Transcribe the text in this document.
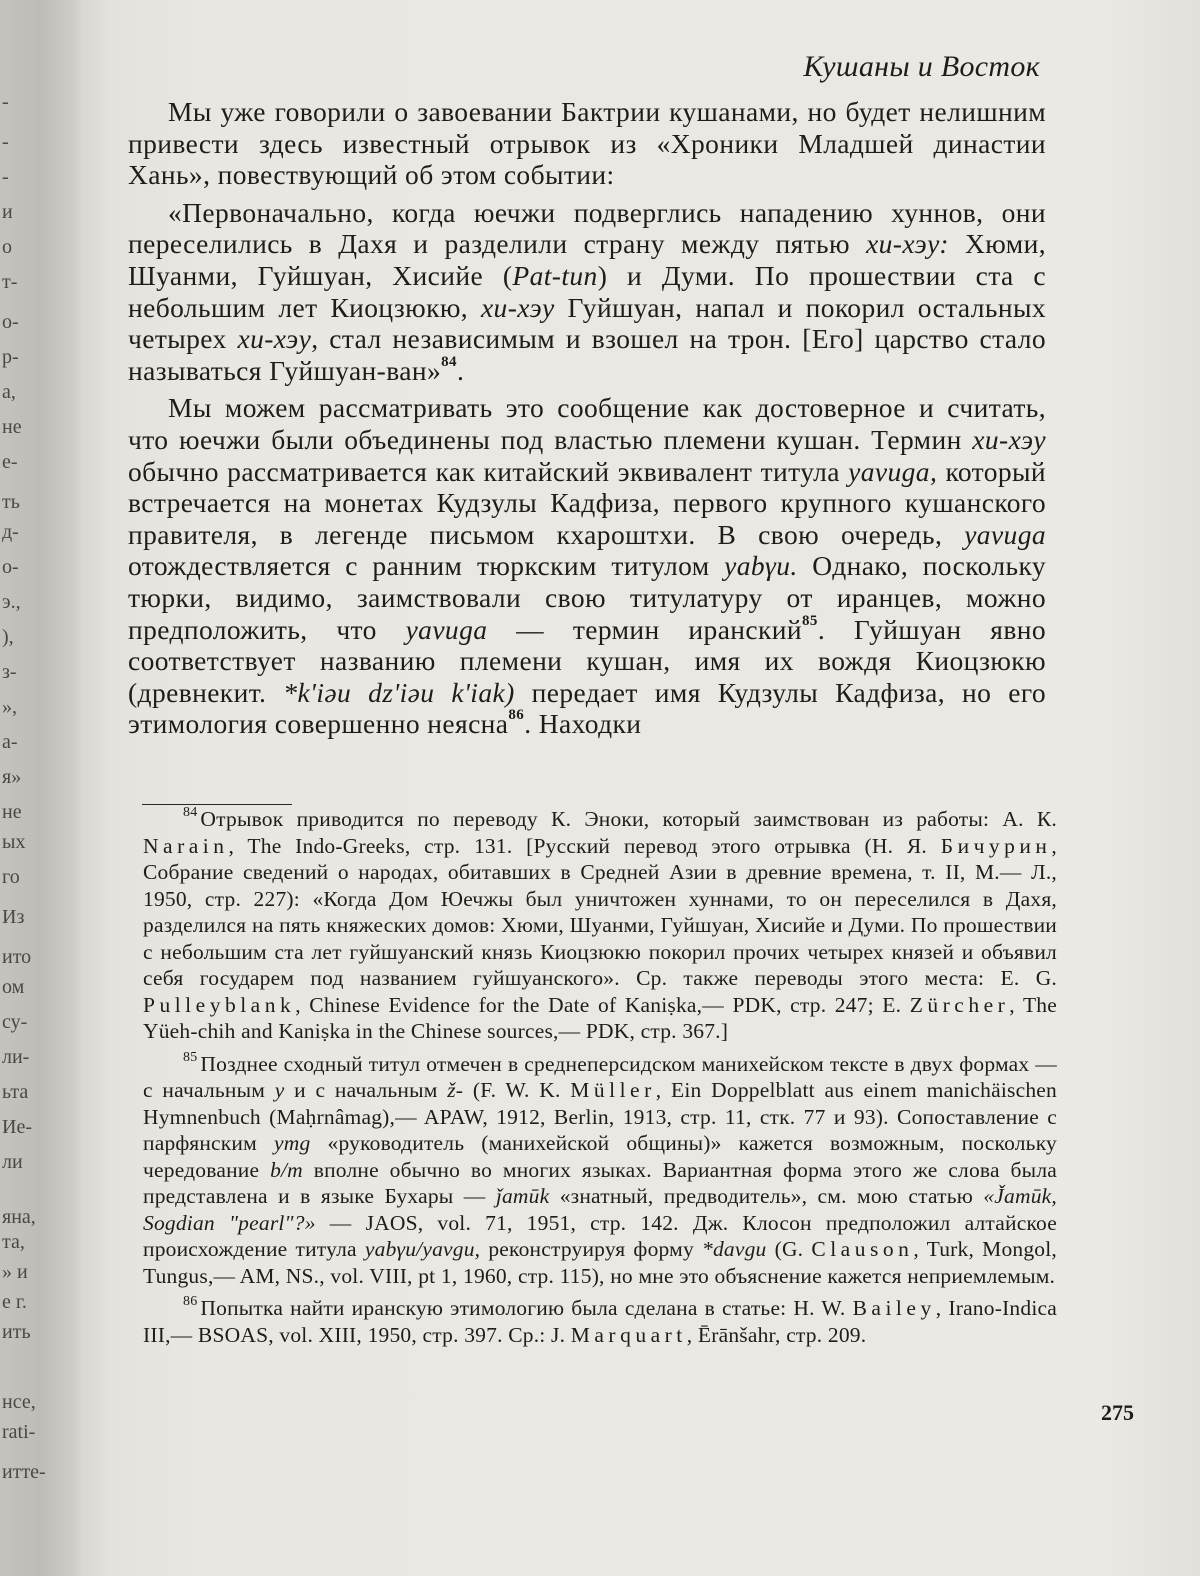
-
-
-
и
о
т-
о-
р-
а,
не
е-
ть
д-
о-
э.,
),
з-
»,
а-
я»
не
ых
го
Из
ито
ом
су-
ли-
ьта
Ие-
ли
яна,
та,
» и
е г.
ить
нсе,
rati-
итте-
Кушаны и Восток

Мы уже говорили о завоевании Бактрии кушанами, но будет нелишним привести здесь известный отрывок из «Хроники Младшей династии Хань», повествующий об этом событии:

«Первоначально, когда юечжи подверглись нападению хуннов, они переселились в Дахя и разделили страну между пятью хи-хэу: Хюми, Шуанми, Гуйшуан, Хисийе (Pat-tun) и Думи. По прошествии ста с небольшим лет Киоцзюкю, хи-хэу Гуйшуан, напал и покорил остальных четырех хи-хэу, стал независимым и взошел на трон. [Его] царство стало называться Гуйшуан-ван»$^{84}$.

Мы можем рассматривать это сообщение как достоверное и считать, что юечжи были объединены под властью племени кушан. Термин хи-хэу обычно рассматривается как китайский эквивалент титула yavuga, который встречается на монетах Кудзулы Кадфиза, первого крупного кушанского правителя, в легенде письмом кхароштхи. В свою очередь, yavuga отождествляется с ранним тюркским титулом yabγu. Однако, поскольку тюрки, видимо, заимствовали свою титулатуру от иранцев, можно предположить, что yavuga — термин иранский$^{85}$. Гуйшуан явно соответствует названию племени кушан, имя их вождя Киоцзюкю (древнекит. *k'iəu dz'iəu k'iak) передает имя Кудзулы Кадфиза, но его этимология совершенно неясна$^{86}$. Находки

$^{84}$ Отрывок приводится по переводу К. Эноки, который заимствован из работы: А. К. Narain, The Indo-Greeks, стр. 131. [Русский перевод этого отрывка (Н. Я. Бичурин, Собрание сведений о народах, обитавших в Средней Азии в древние времена, т. II, М.— Л., 1950, стр. 227): «Когда Дом Юечжы был уничтожен хуннами, то он переселился в Дахя, разделился на пять княжеских домов: Хюми, Шуанми, Гуйшуан, Хисийе и Думи. По прошествии с небольшим ста лет гуйшуанский князь Киоцзюкю покорил прочих четырех князей и объявил себя государем под названием гуйшуанского». Ср. также переводы этого места: E. G. Pulleyblank, Chinese Evidence for the Date of Kaniṣka,— PDK, стр. 247; E. Zürcher, The Yüeh-chih and Kaniṣka in the Chinese sources,— PDK, стр. 367.]

$^{85}$ Позднее сходный титул отмечен в среднеперсидском манихейском тексте в двух формах — с начальным y и с начальным ž- (F. W. K. Müller, Ein Doppelblatt aus einem manichäischen Hymnenbuch (Maḥrnâmag),— APAW, 1912, Berlin, 1913, стр. 11, стк. 77 и 93). Сопоставление с парфянским ymg «руководитель (манихейской общины)» кажется возможным, поскольку чередование b/m вполне обычно во многих языках. Вариантная форма этого же слова была представлена и в языке Бухары — ǰamūk «знатный, предводитель», см. мою статью «J̌amūk, Sogdian "pearl"?» — JAOS, vol. 71, 1951, стр. 142. Дж. Клосон предположил алтайское происхождение титула yabγu/yavgu, реконструируя форму *davgu (G. Clauson, Turk, Mongol, Tungus,— AM, NS., vol. VIII, pt 1, 1960, стр. 115), но мне это объяснение кажется неприемлемым.

$^{86}$ Попытка найти иранскую этимологию была сделана в статье: H. W. Bailey, Irano-Indica III,— BSOAS, vol. XIII, 1950, стр. 397. Ср.: J. Marquart, Ērānšahr, стр. 209.

275
